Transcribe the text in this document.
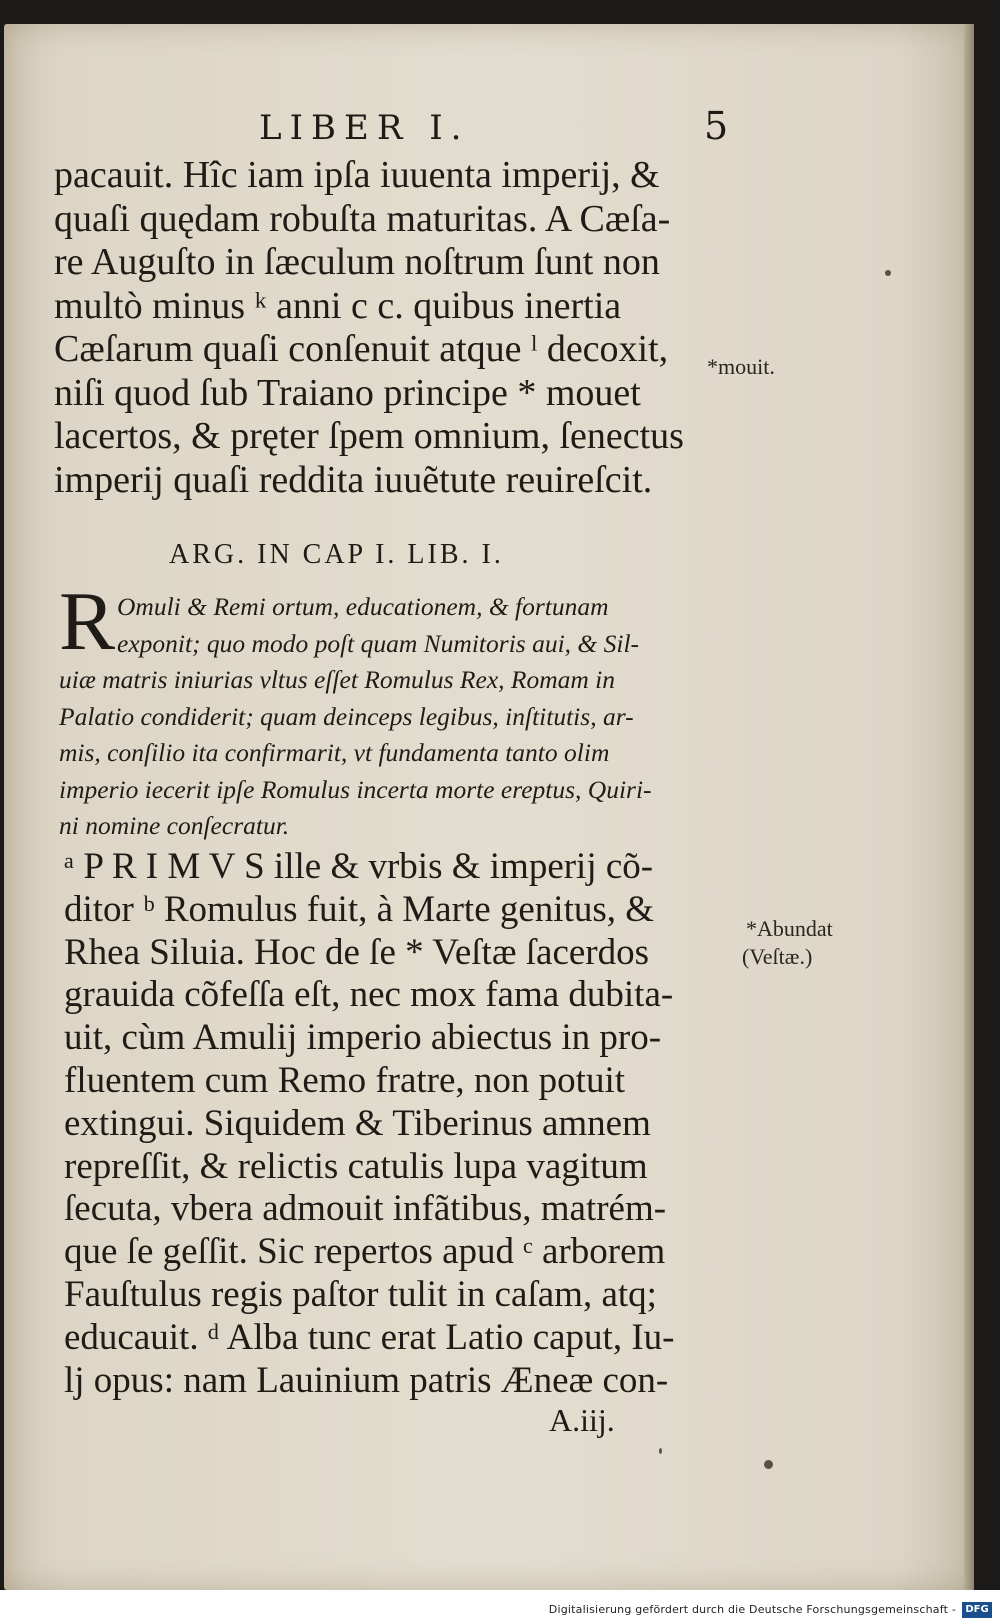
LIBER I.	5
pacauit. Hîc iam ipſa iuuenta imperij, &
quaſi quędam robuſta maturitas. A Cæſa-
re Auguſto in ſæculum noſtrum ſunt non
multò minus ᵏ anni c c. quibus inertia
Cæſarum quaſi conſenuit atque ˡ decoxit,
niſi quod ſub Traiano principe * mouet
lacertos, & pręter ſpem omnium, ſenectus
imperij quaſi reddita iuuẽtute reuireſcit.
*mouit.
ARG. IN CAP I. LIB. I.
R Omuli & Remi ortum, educationem, & fortunam
exponit; quo modo poſt quam Numitoris aui, & Sil-
uiæ matris iniurias vltus eſſet Romulus Rex, Romam in
Palatio condiderit; quam deinceps legibus, inſtitutis, ar-
mis, conſilio ita confirmarit, vt fundamenta tanto olim
imperio iecerit ipſe Romulus incerta morte ereptus, Quiri-
ni nomine conſecratur.
ᵃ P R I M V S ille & vrbis & imperij cõ-
ditor ᵇ Romulus fuit, à Marte genitus, &
Rhea Siluia. Hoc de ſe * Veſtæ ſacerdos
grauida cõfeſſa eſt, nec mox fama dubita-
uit, cùm Amulij imperio abiectus in pro-
fluentem cum Remo fratre, non potuit
extingui. Siquidem & Tiberinus amnem
repreſſit, & relictis catulis lupa vagitum
ſecuta, vbera admouit infãtibus, matrém-
que ſe geſſit. Sic repertos apud ᶜ arborem
Fauſtulus regis paſtor tulit in caſam, atq;
educauit. ᵈ Alba tunc erat Latio caput, Iu-
lj opus: nam Lauinium patris Æneæ con-
*Abundat
(Veſtæ.)
A.iij.
Digitalisierung gefördert durch die Deutsche Forschungsgemeinschaft - DFG
